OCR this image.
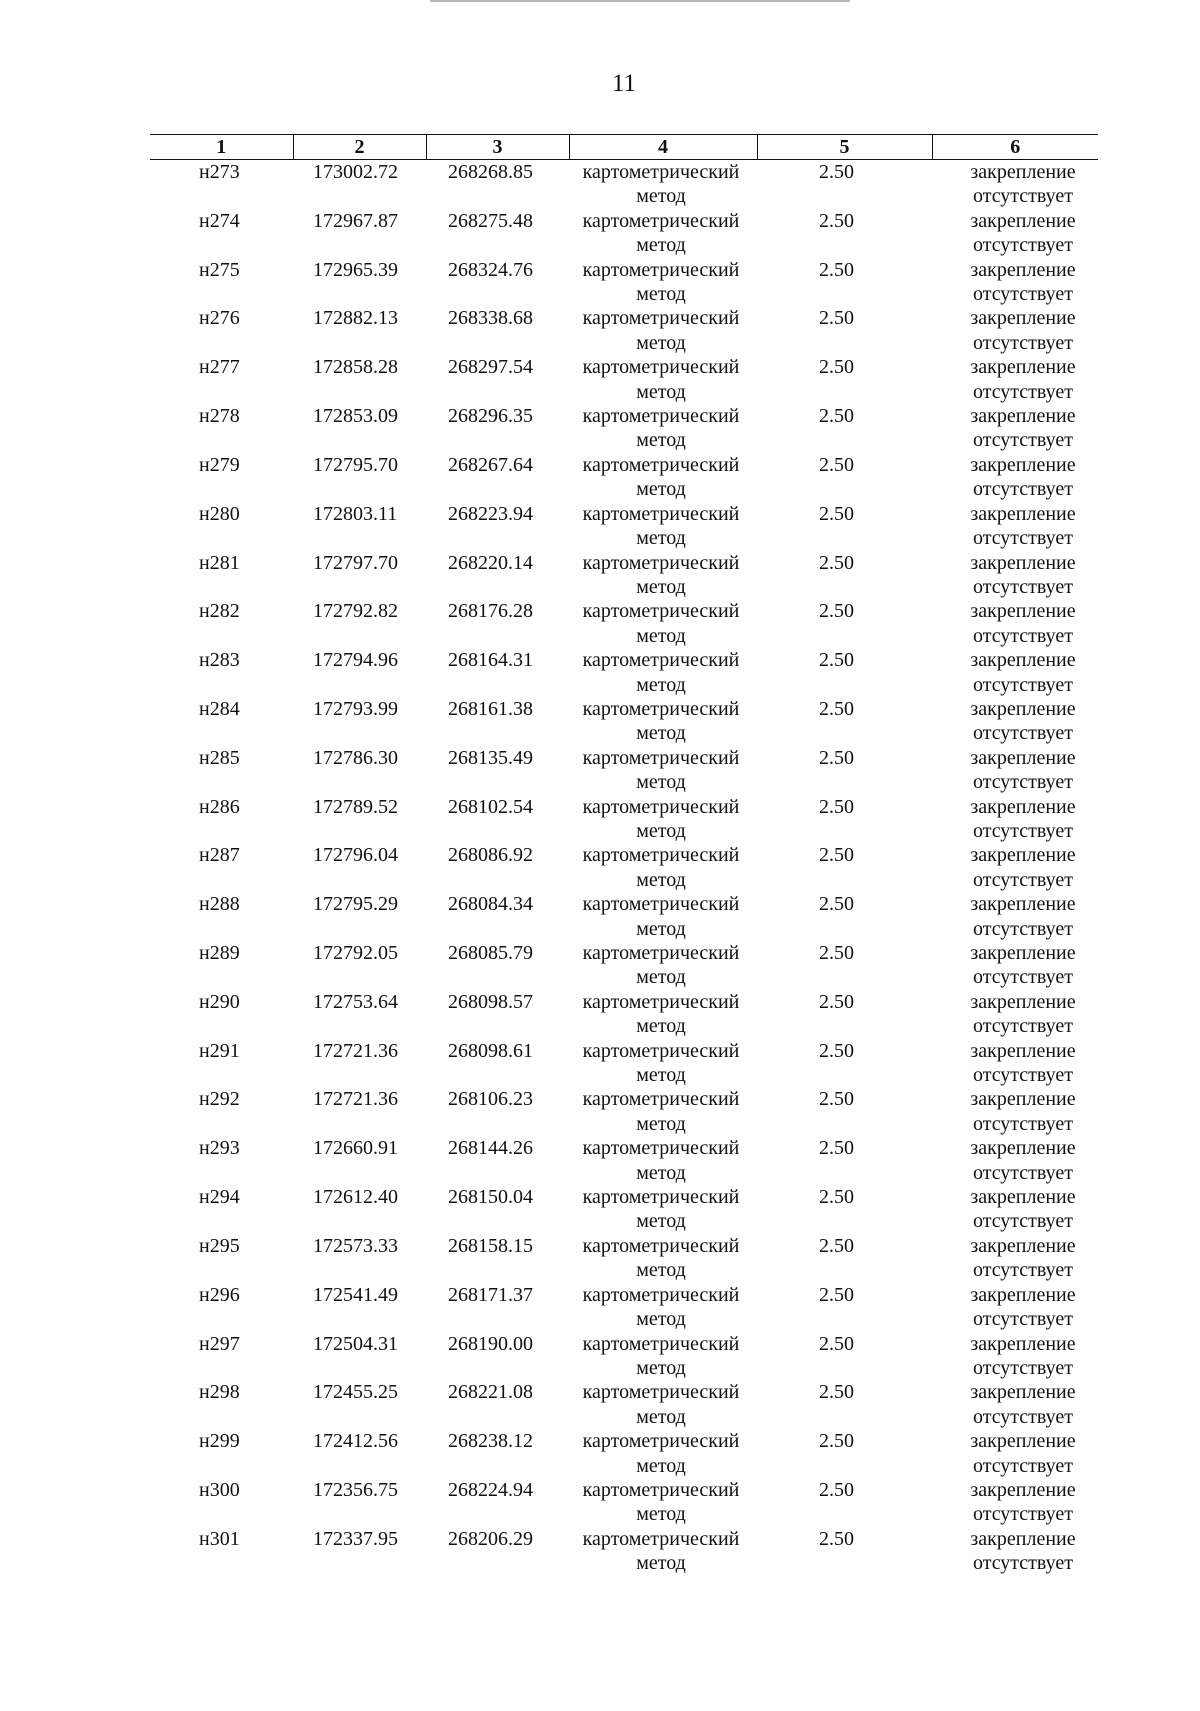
11
1	2	3	4	5	6

н273	173002.72	268268.85	картометрический
метод	2.50	закрепление
отсутствует

н274	172967.87	268275.48	картометрический
метод	2.50	закрепление
отсутствует

н275	172965.39	268324.76	картометрический
метод	2.50	закрепление
отсутствует

н276	172882.13	268338.68	картометрический
метод	2.50	закрепление
отсутствует

н277	172858.28	268297.54	картометрический
метод	2.50	закрепление
отсутствует

н278	172853.09	268296.35	картометрический
метод	2.50	закрепление
отсутствует

н279	172795.70	268267.64	картометрический
метод	2.50	закрепление
отсутствует

н280	172803.11	268223.94	картометрический
метод	2.50	закрепление
отсутствует

н281	172797.70	268220.14	картометрический
метод	2.50	закрепление
отсутствует

н282	172792.82	268176.28	картометрический
метод	2.50	закрепление
отсутствует

н283	172794.96	268164.31	картометрический
метод	2.50	закрепление
отсутствует

н284	172793.99	268161.38	картометрический
метод	2.50	закрепление
отсутствует

н285	172786.30	268135.49	картометрический
метод	2.50	закрепление
отсутствует

н286	172789.52	268102.54	картометрический
метод	2.50	закрепление
отсутствует

н287	172796.04	268086.92	картометрический
метод	2.50	закрепление
отсутствует

н288	172795.29	268084.34	картометрический
метод	2.50	закрепление
отсутствует

н289	172792.05	268085.79	картометрический
метод	2.50	закрепление
отсутствует

н290	172753.64	268098.57	картометрический
метод	2.50	закрепление
отсутствует

н291	172721.36	268098.61	картометрический
метод	2.50	закрепление
отсутствует

н292	172721.36	268106.23	картометрический
метод	2.50	закрепление
отсутствует

н293	172660.91	268144.26	картометрический
метод	2.50	закрепление
отсутствует

н294	172612.40	268150.04	картометрический
метод	2.50	закрепление
отсутствует

н295	172573.33	268158.15	картометрический
метод	2.50	закрепление
отсутствует

н296	172541.49	268171.37	картометрический
метод	2.50	закрепление
отсутствует

н297	172504.31	268190.00	картометрический
метод	2.50	закрепление
отсутствует

н298	172455.25	268221.08	картометрический
метод	2.50	закрепление
отсутствует

н299	172412.56	268238.12	картометрический
метод	2.50	закрепление
отсутствует

н300	172356.75	268224.94	картометрический
метод	2.50	закрепление
отсутствует

н301	172337.95	268206.29	картометрический
метод	2.50	закрепление
отсутствует
